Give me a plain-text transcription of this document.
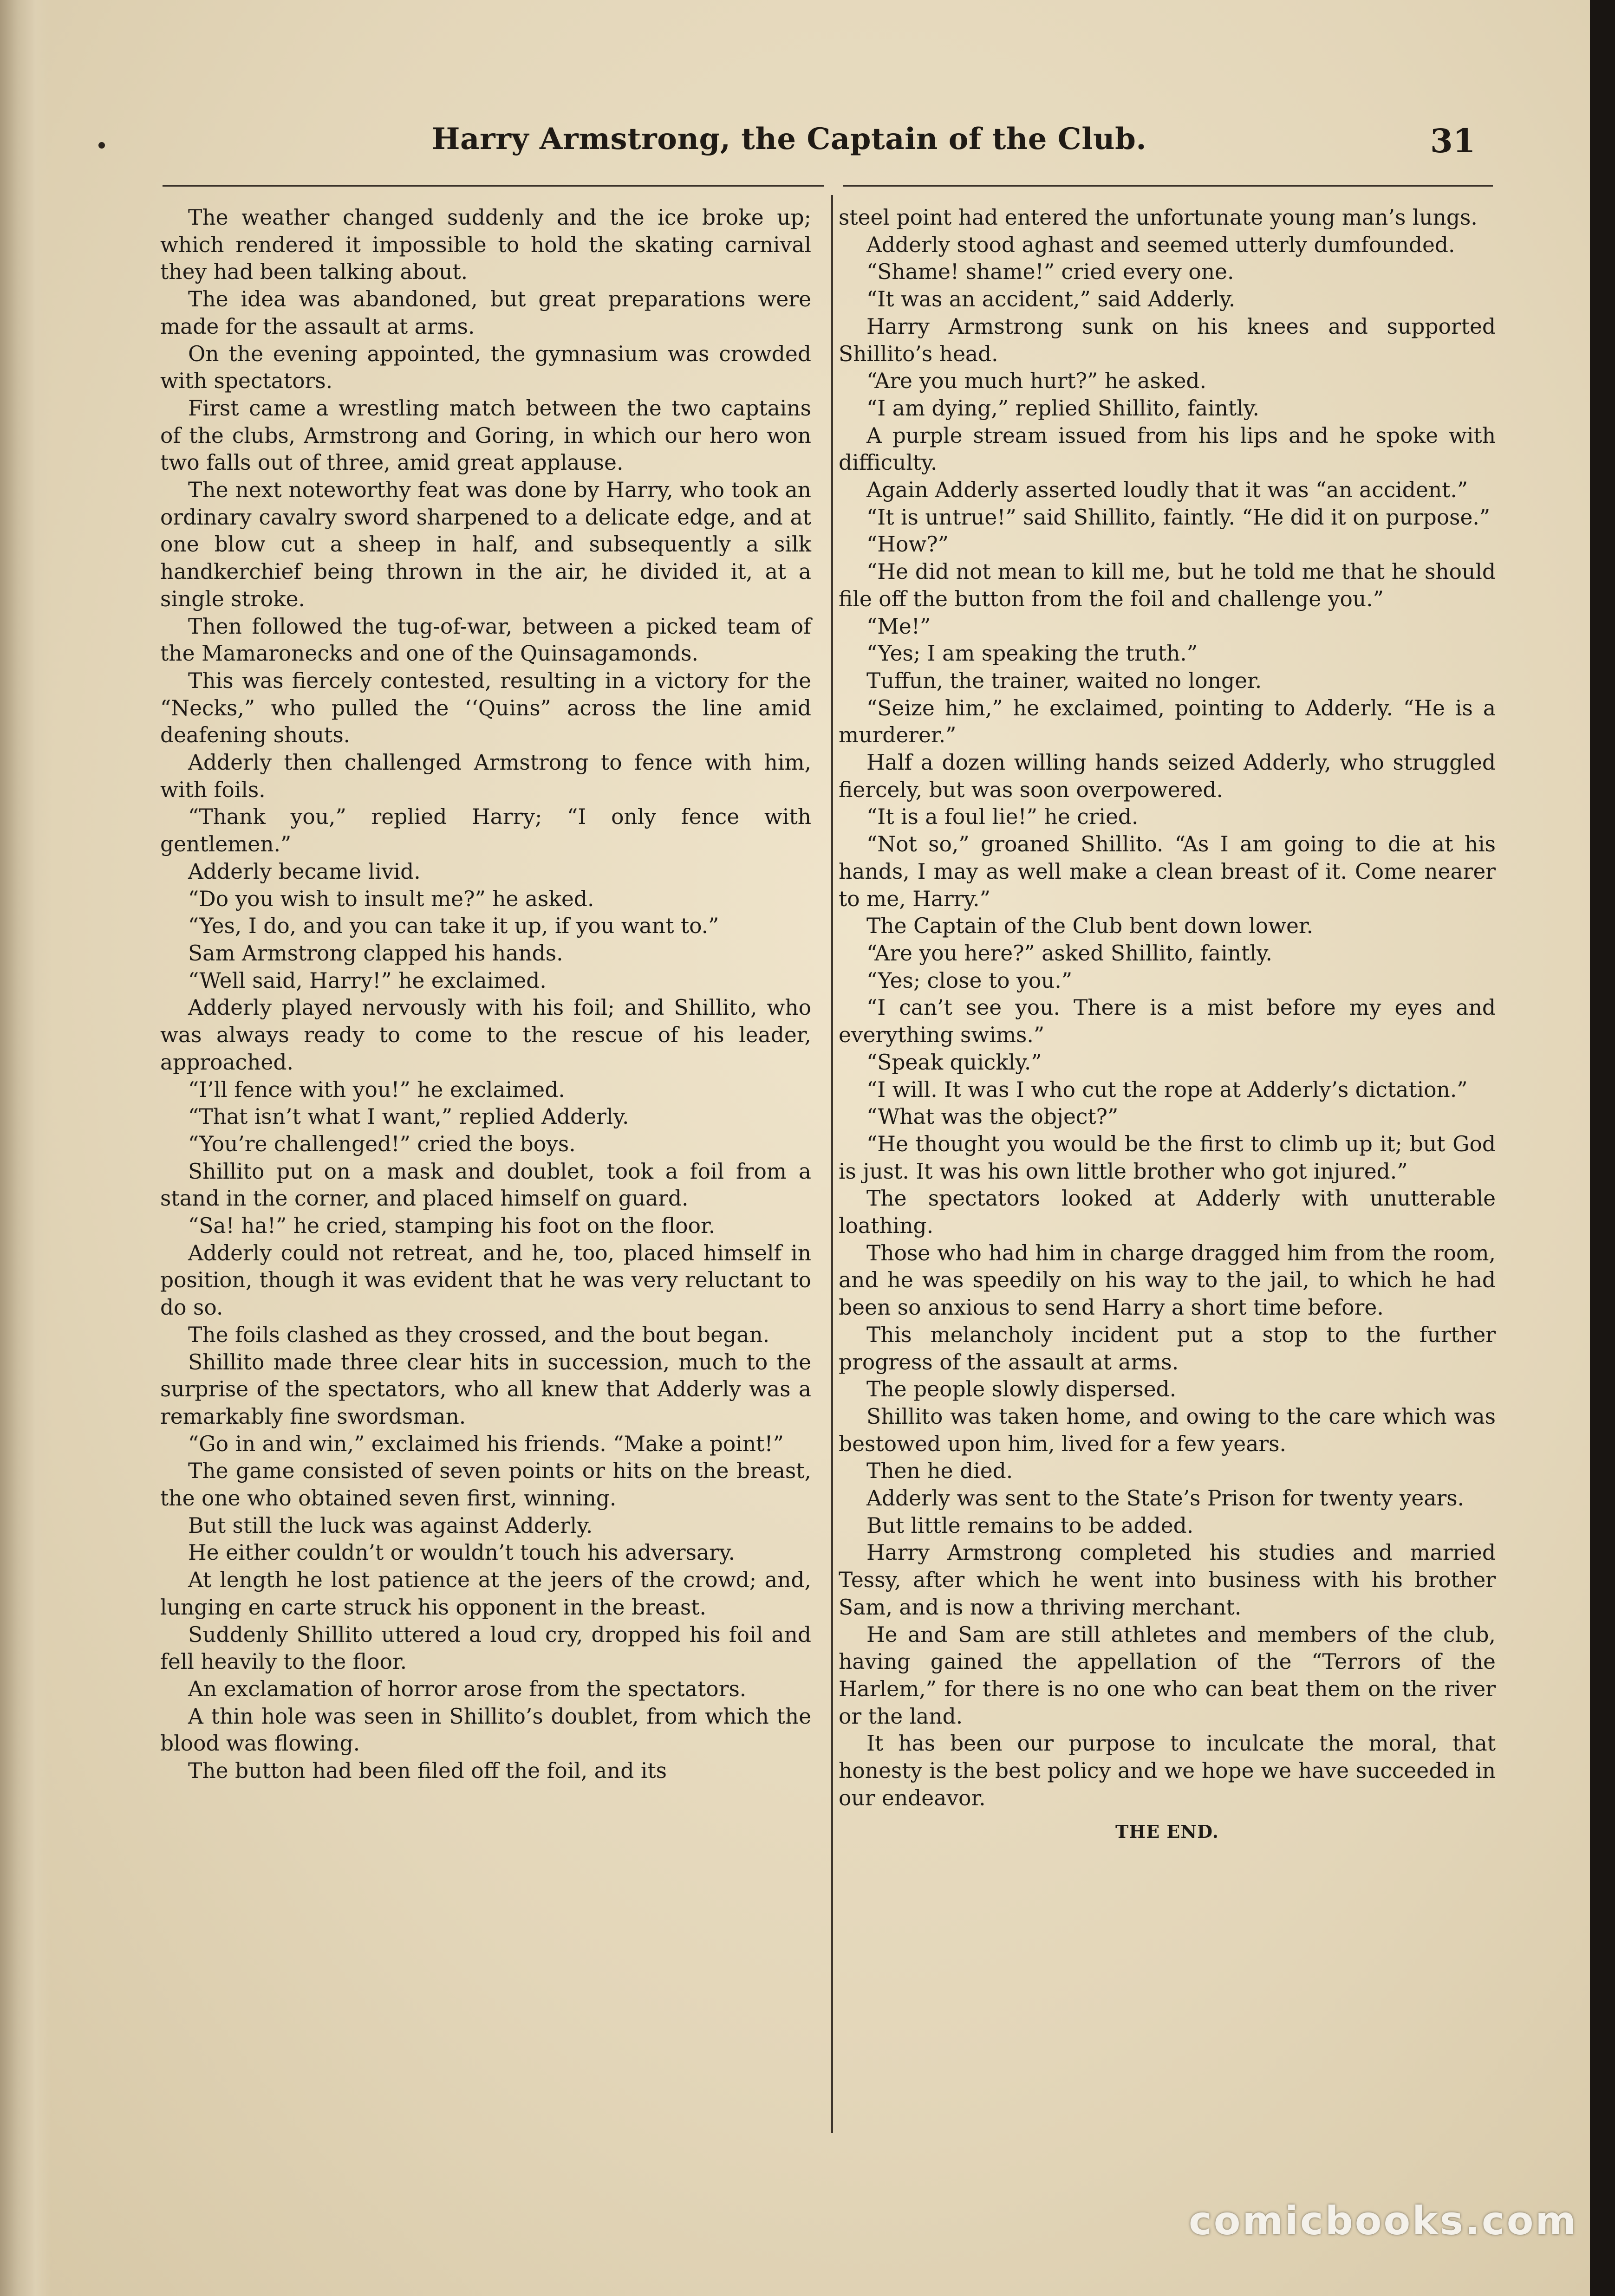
Harry Armstrong, the Captain of the Club.	31

The weather changed suddenly and the ice broke up; which rendered it impossible to hold the skating carnival they had been talking about.

The idea was abandoned, but great preparations were made for the assault at arms.

On the evening appointed, the gymnasium was crowded with spectators.

First came a wrestling match between the two captains of the clubs, Armstrong and Goring, in which our hero won two falls out of three, amid great applause.

The next noteworthy feat was done by Harry, who took an ordinary cavalry sword sharpened to a delicate edge, and at one blow cut a sheep in half, and subsequently a silk handkerchief being thrown in the air, he divided it, at a single stroke.

Then followed the tug-of-war, between a picked team of the Mamaronecks and one of the Quinsagamonds.

This was fiercely contested, resulting in a victory for the “Necks,” who pulled the ‘‘Quins” across the line amid deafening shouts.

Adderly then challenged Armstrong to fence with him, with foils.

“Thank you,” replied Harry; “I only fence with gentlemen.”

Adderly became livid.

“Do you wish to insult me?” he asked.

“Yes, I do, and you can take it up, if you want to.”

Sam Armstrong clapped his hands.

“Well said, Harry!” he exclaimed.

Adderly played nervously with his foil; and Shillito, who was always ready to come to the rescue of his leader, approached.

“I’ll fence with you!” he exclaimed.

“That isn’t what I want,” replied Adderly.

“You’re challenged!” cried the boys.

Shillito put on a mask and doublet, took a foil from a stand in the corner, and placed himself on guard.

“Sa! ha!” he cried, stamping his foot on the floor.

Adderly could not retreat, and he, too, placed himself in position, though it was evident that he was very reluctant to do so.

The foils clashed as they crossed, and the bout began.

Shillito made three clear hits in succession, much to the surprise of the spectators, who all knew that Adderly was a remarkably fine swordsman.

“Go in and win,” exclaimed his friends. “Make a point!”

The game consisted of seven points or hits on the breast, the one who obtained seven first, winning.

But still the luck was against Adderly.

He either couldn’t or wouldn’t touch his adversary.

At length he lost patience at the jeers of the crowd; and, lunging en carte struck his opponent in the breast.

Suddenly Shillito uttered a loud cry, dropped his foil and fell heavily to the floor.

An exclamation of horror arose from the spectators.

A thin hole was seen in Shillito’s doublet, from which the blood was flowing.

The button had been filed off the foil, and its

steel point had entered the unfortunate young man’s lungs.

Adderly stood aghast and seemed utterly dumfounded.

“Shame! shame!” cried every one.

“It was an accident,” said Adderly.

Harry Armstrong sunk on his knees and supported Shillito’s head.

“Are you much hurt?” he asked.

“I am dying,” replied Shillito, faintly.

A purple stream issued from his lips and he spoke with difficulty.

Again Adderly asserted loudly that it was “an accident.”

“It is untrue!” said Shillito, faintly. “He did it on purpose.”

“How?”

“He did not mean to kill me, but he told me that he should file off the button from the foil and challenge you.”

“Me!”

“Yes; I am speaking the truth.”

Tuffun, the trainer, waited no longer.

“Seize him,” he exclaimed, pointing to Adderly. “He is a murderer.”

Half a dozen willing hands seized Adderly, who struggled fiercely, but was soon overpowered.

“It is a foul lie!” he cried.

“Not so,” groaned Shillito. “As I am going to die at his hands, I may as well make a clean breast of it. Come nearer to me, Harry.”

The Captain of the Club bent down lower.

“Are you here?” asked Shillito, faintly.

“Yes; close to you.”

“I can’t see you. There is a mist before my eyes and everything swims.”

“Speak quickly.”

“I will. It was I who cut the rope at Adderly’s dictation.”

“What was the object?”

“He thought you would be the first to climb up it; but God is just. It was his own little brother who got injured.”

The spectators looked at Adderly with unutterable loathing.

Those who had him in charge dragged him from the room, and he was speedily on his way to the jail, to which he had been so anxious to send Harry a short time before.

This melancholy incident put a stop to the further progress of the assault at arms.

The people slowly dispersed.

Shillito was taken home, and owing to the care which was bestowed upon him, lived for a few years.

Then he died.

Adderly was sent to the State’s Prison for twenty years.

But little remains to be added.

Harry Armstrong completed his studies and married Tessy, after which he went into business with his brother Sam, and is now a thriving merchant.

He and Sam are still athletes and members of the club, having gained the appellation of the “Terrors of the Harlem,” for there is no one who can beat them on the river or the land.

It has been our purpose to inculcate the moral, that honesty is the best policy and we hope we have succeeded in our endeavor.

THE END.

comicbooks.com
